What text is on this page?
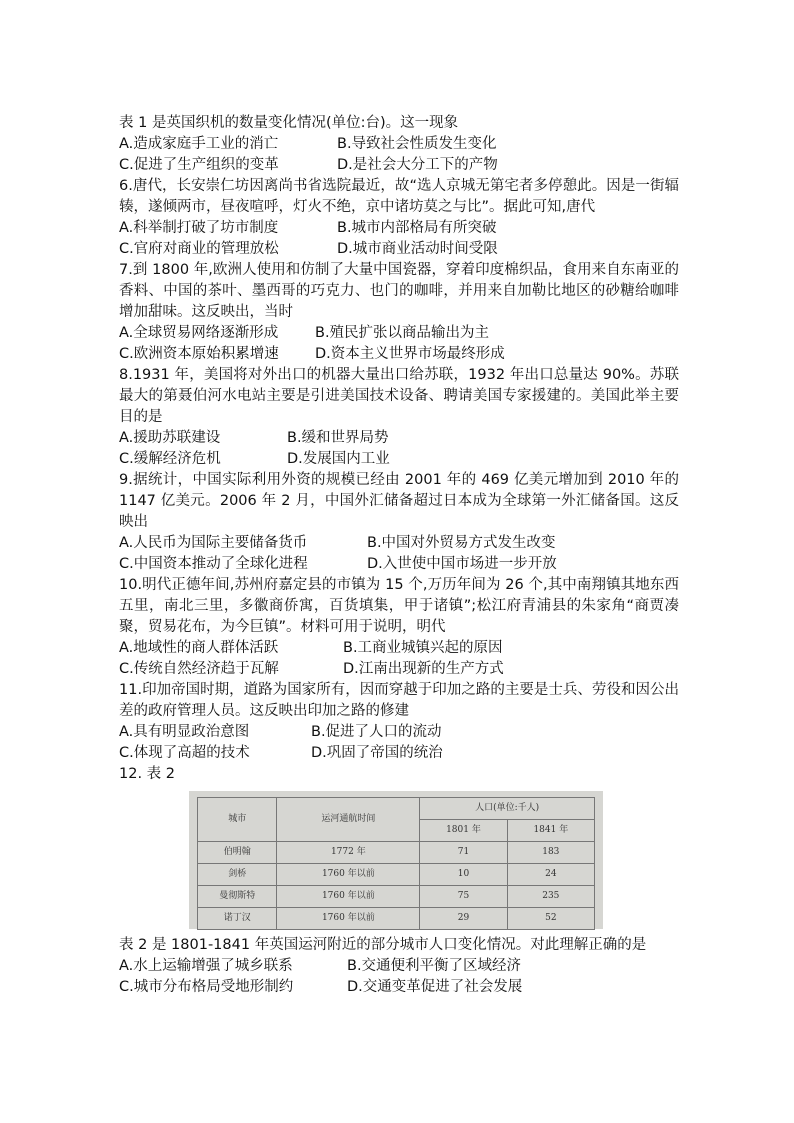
表 1 是英国织机的数量变化情况(单位:台)。这一现象
A.造成家庭手工业的消亡	B.导致社会性质发生变化
C.促进了生产组织的变革	D.是社会大分工下的产物
6.唐代，长安崇仁坊因离尚书省选院最近，故“选人京城无第宅者多停憩此。因是一街辐辏，遂倾两市，昼夜喧呼，灯火不绝，京中诸坊莫之与比”。据此可知,唐代
A.科举制打破了坊市制度	B.城市内部格局有所突破
C.官府对商业的管理放松	D.城市商业活动时间受限
7.到 1800 年,欧洲人使用和仿制了大量中国瓷器，穿着印度棉织品，食用来自东南亚的香料、中国的茶叶、墨西哥的巧克力、也门的咖啡，并用来自加勒比地区的砂糖给咖啡增加甜味。这反映出，当时
A.全球贸易网络逐渐形成	B.殖民扩张以商品输出为主
C.欧洲资本原始积累增速	D.资本主义世界市场最终形成
8.1931 年，美国将对外出口的机器大量出口给苏联，1932 年出口总量达 90%。苏联最大的第聂伯河水电站主要是引进美国技术设备、聘请美国专家援建的。美国此举主要目的是
A.援助苏联建设	B.缓和世界局势
C.缓解经济危机	D.发展国内工业
9.据统计，中国实际利用外资的规模已经由 2001 年的 469 亿美元增加到 2010 年的 1147 亿美元。2006 年 2 月，中国外汇储备超过日本成为全球第一外汇储备国。这反映出
A.人民币为国际主要储备货币	B.中国对外贸易方式发生改变
C.中国资本推动了全球化进程	D.入世使中国市场进一步开放
10.明代正德年间,苏州府嘉定县的市镇为 15 个,万历年间为 26 个,其中南翔镇其地东西五里，南北三里，多徽商侨寓，百货填集，甲于诸镇”;松江府青浦县的朱家角“商贾凑聚，贸易花布，为今巨镇”。材料可用于说明，明代
A.地域性的商人群体活跃	B.工商业城镇兴起的原因
C.传统自然经济趋于瓦解	D.江南出现新的生产方式
11.印加帝国时期，道路为国家所有，因而穿越于印加之路的主要是士兵、劳役和因公出差的政府管理人员。这反映出印加之路的修建
A.具有明显政治意图	B.促进了人口的流动
C.体现了高超的技术	D.巩固了帝国的统治
12. 表 2
城市	运河通航时间	人口(单位:千人)	
		1801 年	1841 年
伯明翰	1772 年	71	183
剑桥	1760 年以前	10	24
曼彻斯特	1760 年以前	75	235
诺丁汉	1760 年以前	29	52
表 2 是 1801-1841 年英国运河附近的部分城市人口变化情况。对此理解正确的是
A.水上运输增强了城乡联系	B.交通便利平衡了区域经济
C.城市分布格局受地形制约	D.交通变革促进了社会发展
